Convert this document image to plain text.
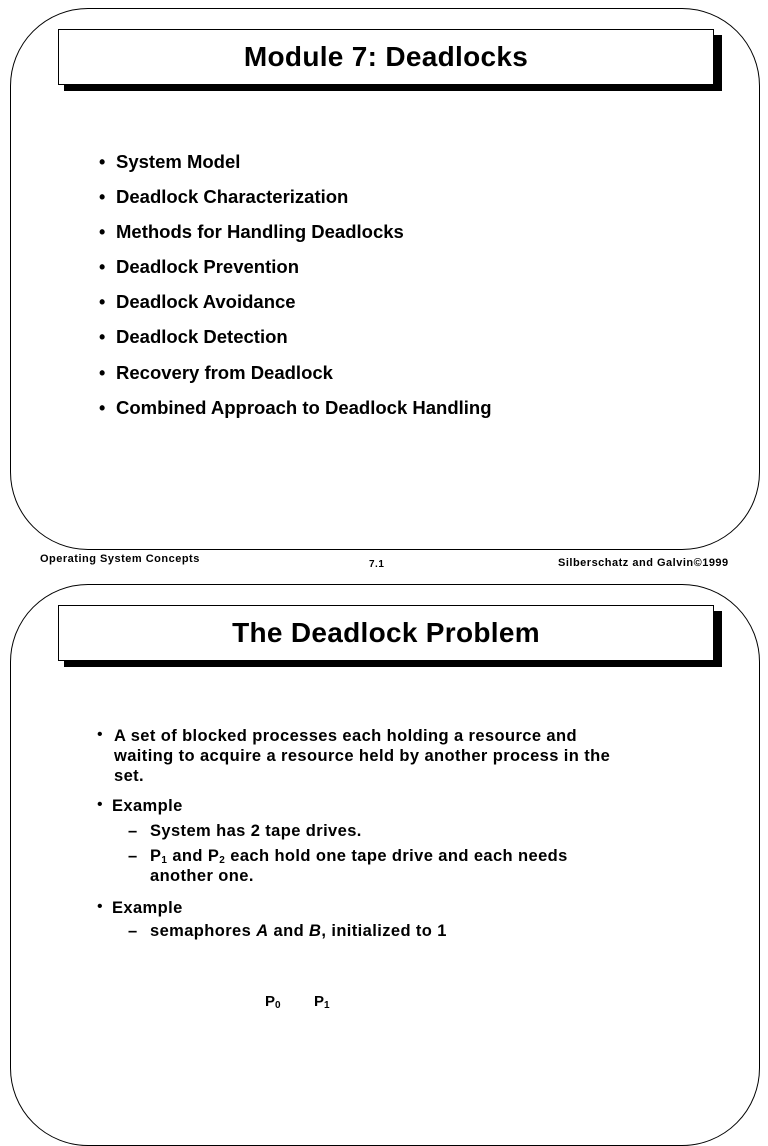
Module 7: Deadlocks
• System Model
• Deadlock Characterization
• Methods for Handling Deadlocks
• Deadlock Prevention
• Deadlock Avoidance
• Deadlock Detection
• Recovery from Deadlock
• Combined Approach to Deadlock Handling
Operating System Concepts	7.1	Silberschatz and Galvin©1999
The Deadlock Problem
• A set of blocked processes each holding a resource and
waiting to acquire a resource held by another process in the
set.
• Example
– System has 2 tape drives.
– $P_1$ and $P_2$ each hold one tape drive and each needs
another one.
• Example
– semaphores A and B, initialized to 1
$P_0$ $P_1$
